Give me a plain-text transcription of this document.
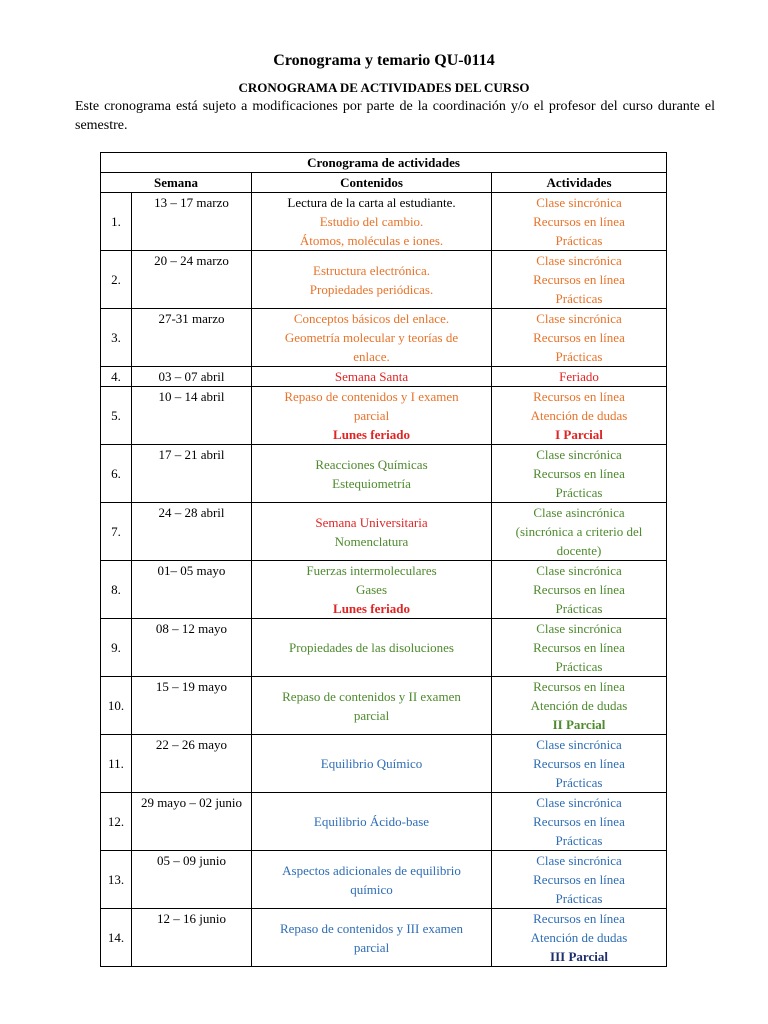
Cronograma y temario QU-0114
CRONOGRAMA DE ACTIVIDADES DEL CURSO
Este cronograma está sujeto a modificaciones por parte de la coordinación y/o el profesor del curso durante el semestre.
Cronograma de actividades			
Semana		Contenidos	Actividades
1.	13 – 17 marzo	Lectura de la carta al estudiante.
Estudio del cambio.
Átomos, moléculas e iones.	Clase sincrónica
Recursos en línea
Prácticas

2.	20 – 24 marzo	Estructura electrónica.
Propiedades periódicas.	Clase sincrónica
Recursos en línea
Prácticas

3.	27-31 marzo	Conceptos básicos del enlace.
Geometría molecular y teorías de
enlace.	Clase sincrónica
Recursos en línea
Prácticas

4.	03 – 07 abril	Semana Santa	Feriado

5.	10 – 14 abril	Repaso de contenidos y I examen
parcial
Lunes feriado	Recursos en línea
Atención de dudas
I Parcial

6.	17 – 21 abril	Reacciones Químicas
Estequiometría	Clase sincrónica
Recursos en línea
Prácticas

7.	24 – 28 abril	Semana Universitaria
Nomenclatura	Clase asincrónica
(sincrónica a criterio del
docente)

8.	01– 05 mayo	Fuerzas intermoleculares
Gases
Lunes feriado	Clase sincrónica
Recursos en línea
Prácticas

9.	08 – 12 mayo	Propiedades de las disoluciones	Clase sincrónica
Recursos en línea
Prácticas

10.	15 – 19 mayo	Repaso de contenidos y II examen
parcial	Recursos en línea
Atención de dudas
II Parcial

11.	22 – 26 mayo	Equilibrio Químico	Clase sincrónica
Recursos en línea
Prácticas

12.	29 mayo – 02 junio	Equilibrio Ácido-base	Clase sincrónica
Recursos en línea
Prácticas

13.	05 – 09 junio	Aspectos adicionales de equilibrio
químico	Clase sincrónica
Recursos en línea
Prácticas

14.	12 – 16 junio	Repaso de contenidos y III examen
parcial	Recursos en línea
Atención de dudas
III Parcial
